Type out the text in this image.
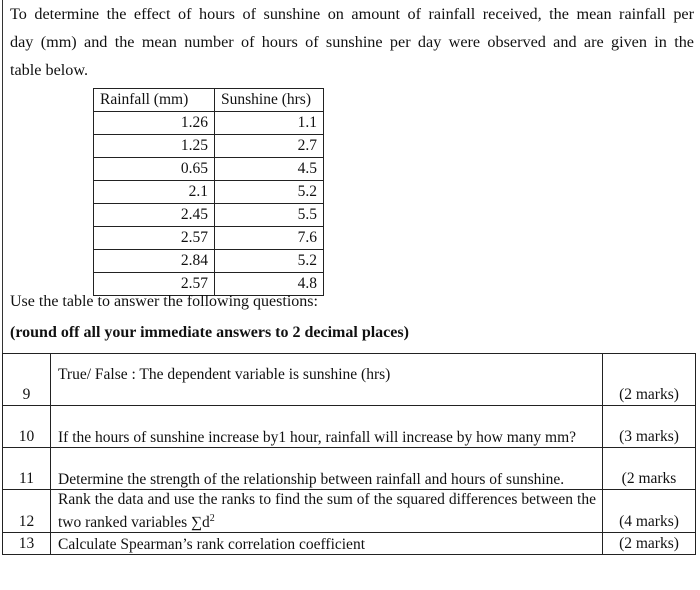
To determine the effect of hours of sunshine on amount of rainfall received, the mean rainfall per
day (mm) and the mean number of hours of sunshine per day were observed and are given in the
table below.
Rainfall (mm)	Sunshine (hrs)
1.26	1.1
1.25	2.7
0.65	4.5
2.1	5.2
2.45	5.5
2.57	7.6
2.84	5.2
2.57	4.8
Use the table to answer the following questions:
(round off all your immediate answers to 2 decimal places)
9	True/ False : The dependent variable is sunshine (hrs)	(2 marks)
10	If the hours of sunshine increase by1 hour, rainfall will increase by how many mm?	(3 marks)
11	Determine the strength of the relationship between rainfall and hours of sunshine.	(2 marks
12	Rank the data and use the ranks to find the sum of the squared differences between the two ranked variables $\sum d^2$	(4 marks)
13	Calculate Spearman’s rank correlation coefficient	(2 marks)
